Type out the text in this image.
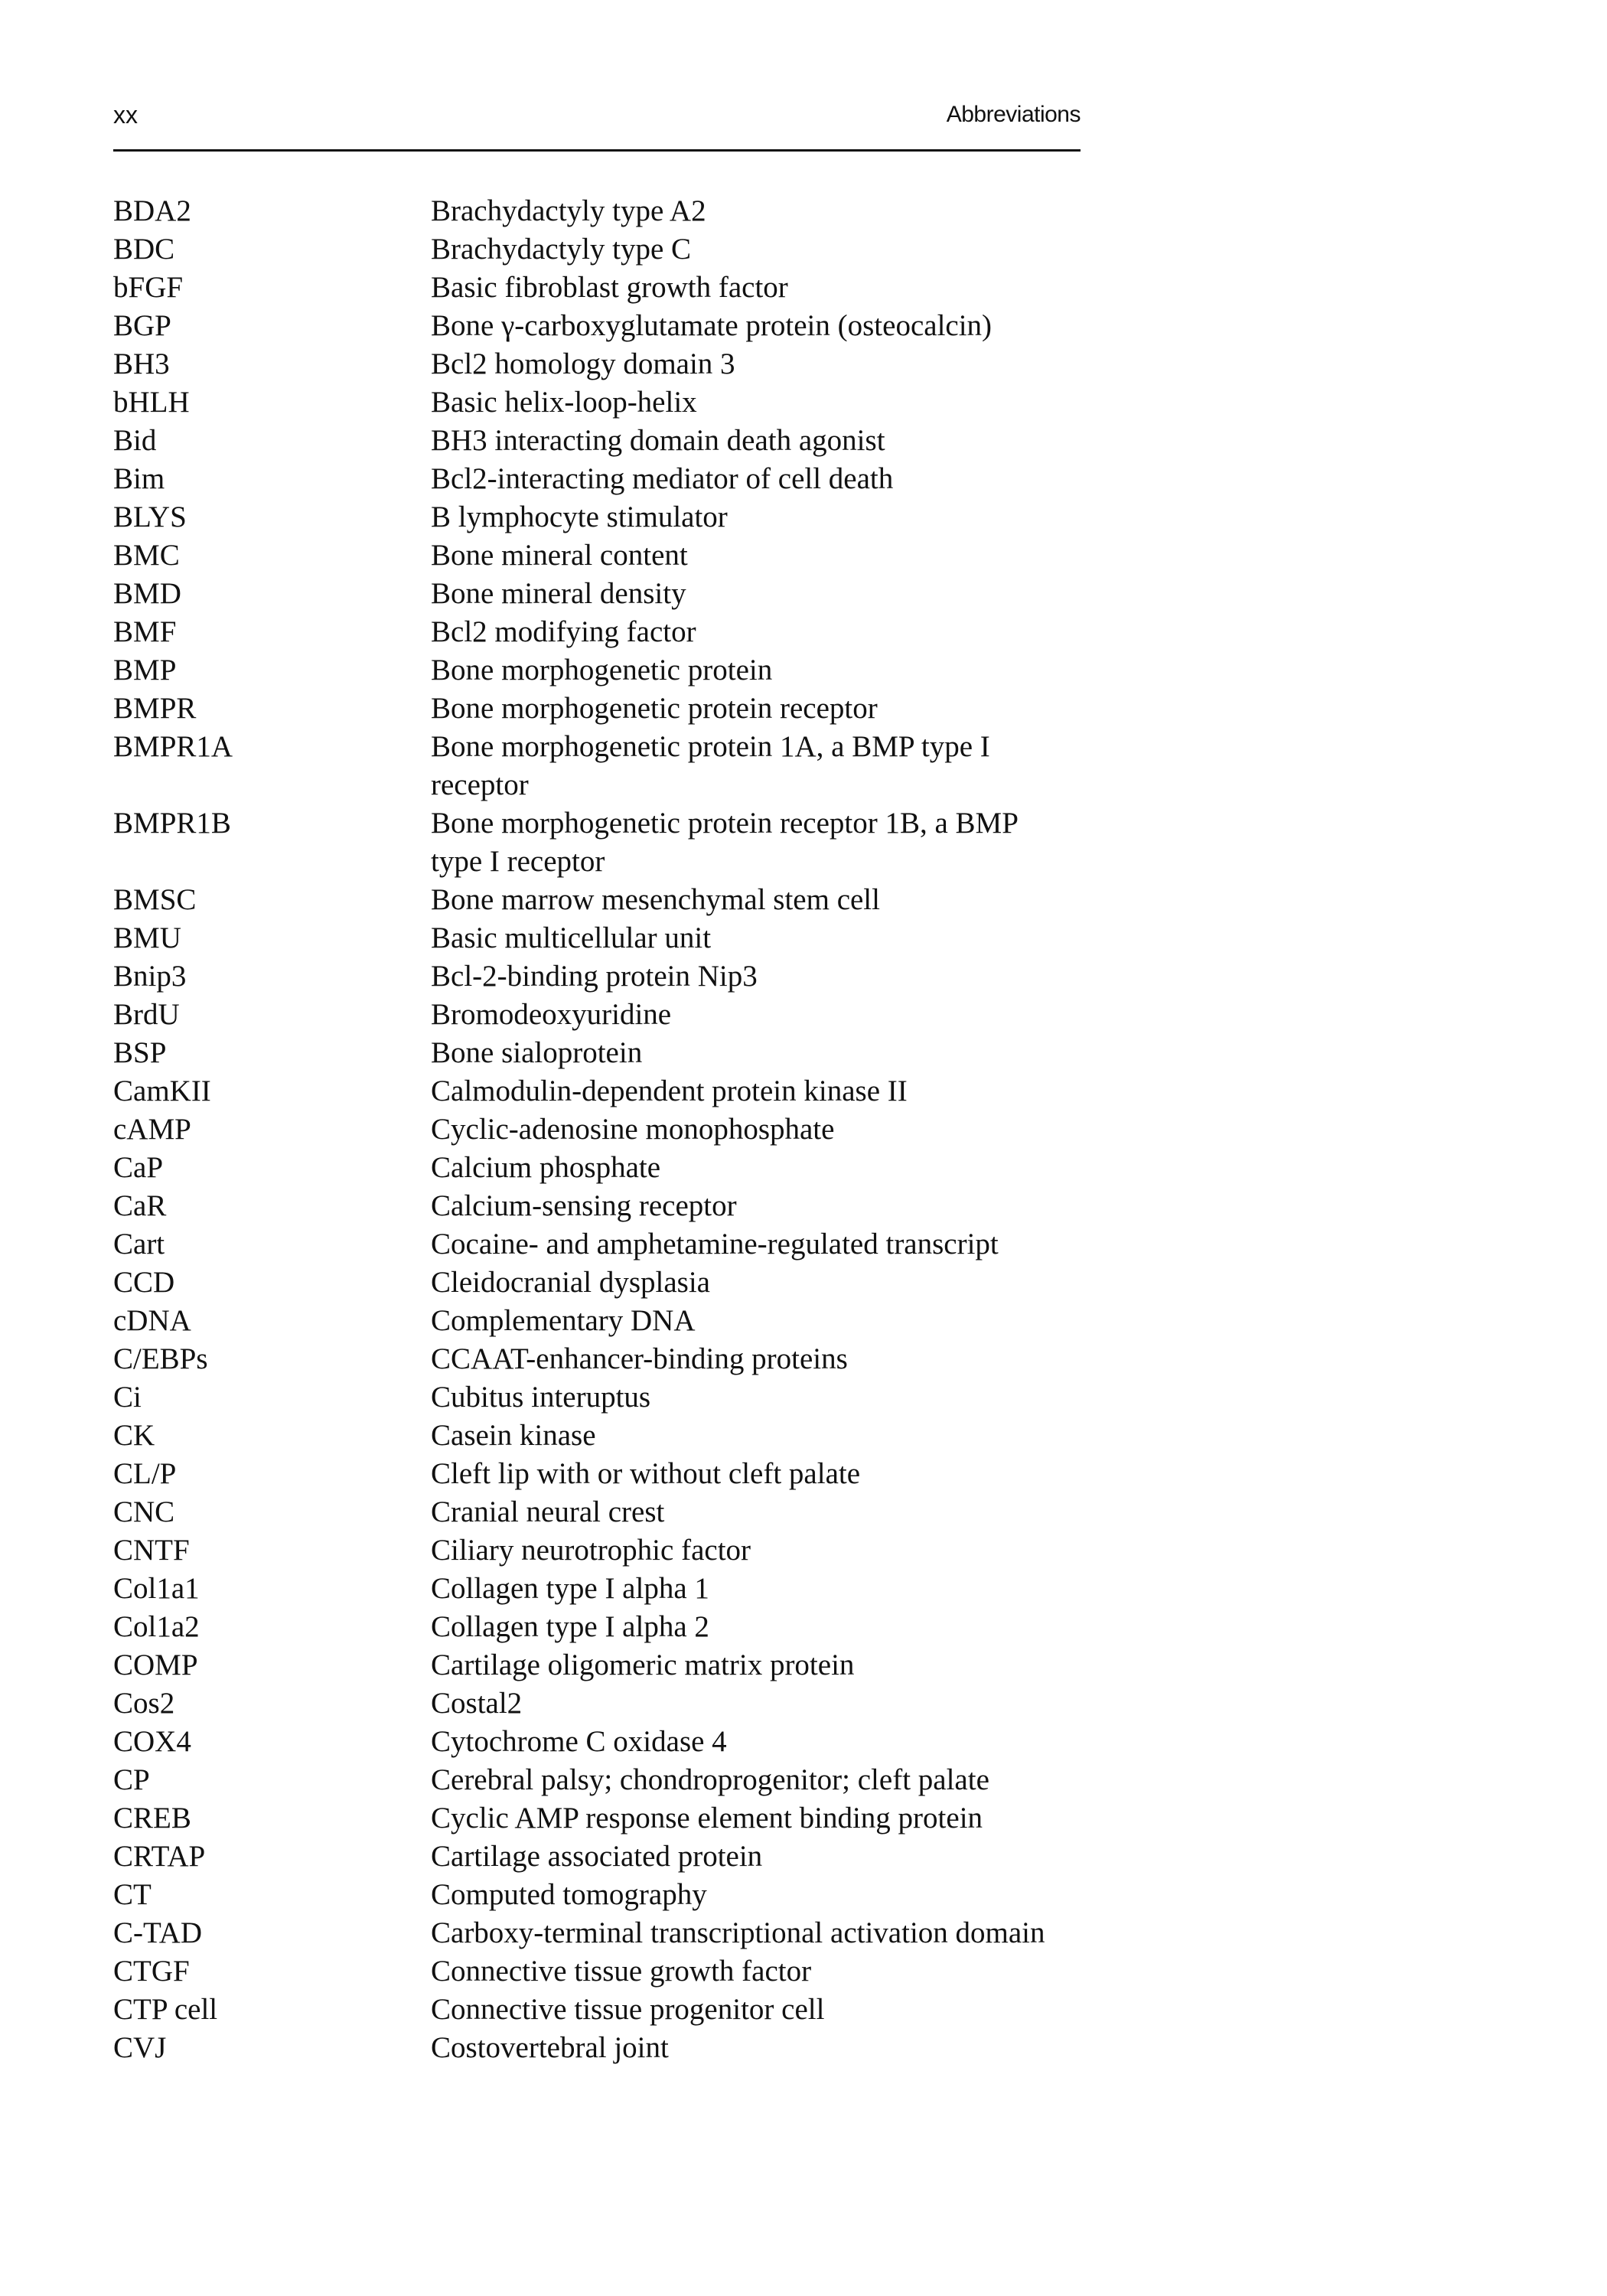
xx	Abbreviations
BDA2	Brachydactyly type A2
BDC	Brachydactyly type C
bFGF	Basic fibroblast growth factor
BGP	Bone γ-carboxyglutamate protein (osteocalcin)
BH3	Bcl2 homology domain 3
bHLH	Basic helix-loop-helix
Bid	BH3 interacting domain death agonist
Bim	Bcl2-interacting mediator of cell death
BLYS	B lymphocyte stimulator
BMC	Bone mineral content
BMD	Bone mineral density
BMF	Bcl2 modifying factor
BMP	Bone morphogenetic protein
BMPR	Bone morphogenetic protein receptor
BMPR1A	Bone morphogenetic protein 1A, a BMP type I receptor
BMPR1B	Bone morphogenetic protein receptor 1B, a BMP type I receptor
BMSC	Bone marrow mesenchymal stem cell
BMU	Basic multicellular unit
Bnip3	Bcl-2-binding protein Nip3
BrdU	Bromodeoxyuridine
BSP	Bone sialoprotein
CamKII	Calmodulin-dependent protein kinase II
cAMP	Cyclic-adenosine monophosphate
CaP	Calcium phosphate
CaR	Calcium-sensing receptor
Cart	Cocaine- and amphetamine-regulated transcript
CCD	Cleidocranial dysplasia
cDNA	Complementary DNA
C/EBPs	CCAAT-enhancer-binding proteins
Ci	Cubitus interuptus
CK	Casein kinase
CL/P	Cleft lip with or without cleft palate
CNC	Cranial neural crest
CNTF	Ciliary neurotrophic factor
Col1a1	Collagen type I alpha 1
Col1a2	Collagen type I alpha 2
COMP	Cartilage oligomeric matrix protein
Cos2	Costal2
COX4	Cytochrome C oxidase 4
CP	Cerebral palsy; chondroprogenitor; cleft palate
CREB	Cyclic AMP response element binding protein
CRTAP	Cartilage associated protein
CT	Computed tomography
C-TAD	Carboxy-terminal transcriptional activation domain
CTGF	Connective tissue growth factor
CTP cell	Connective tissue progenitor cell
CVJ	Costovertebral joint
